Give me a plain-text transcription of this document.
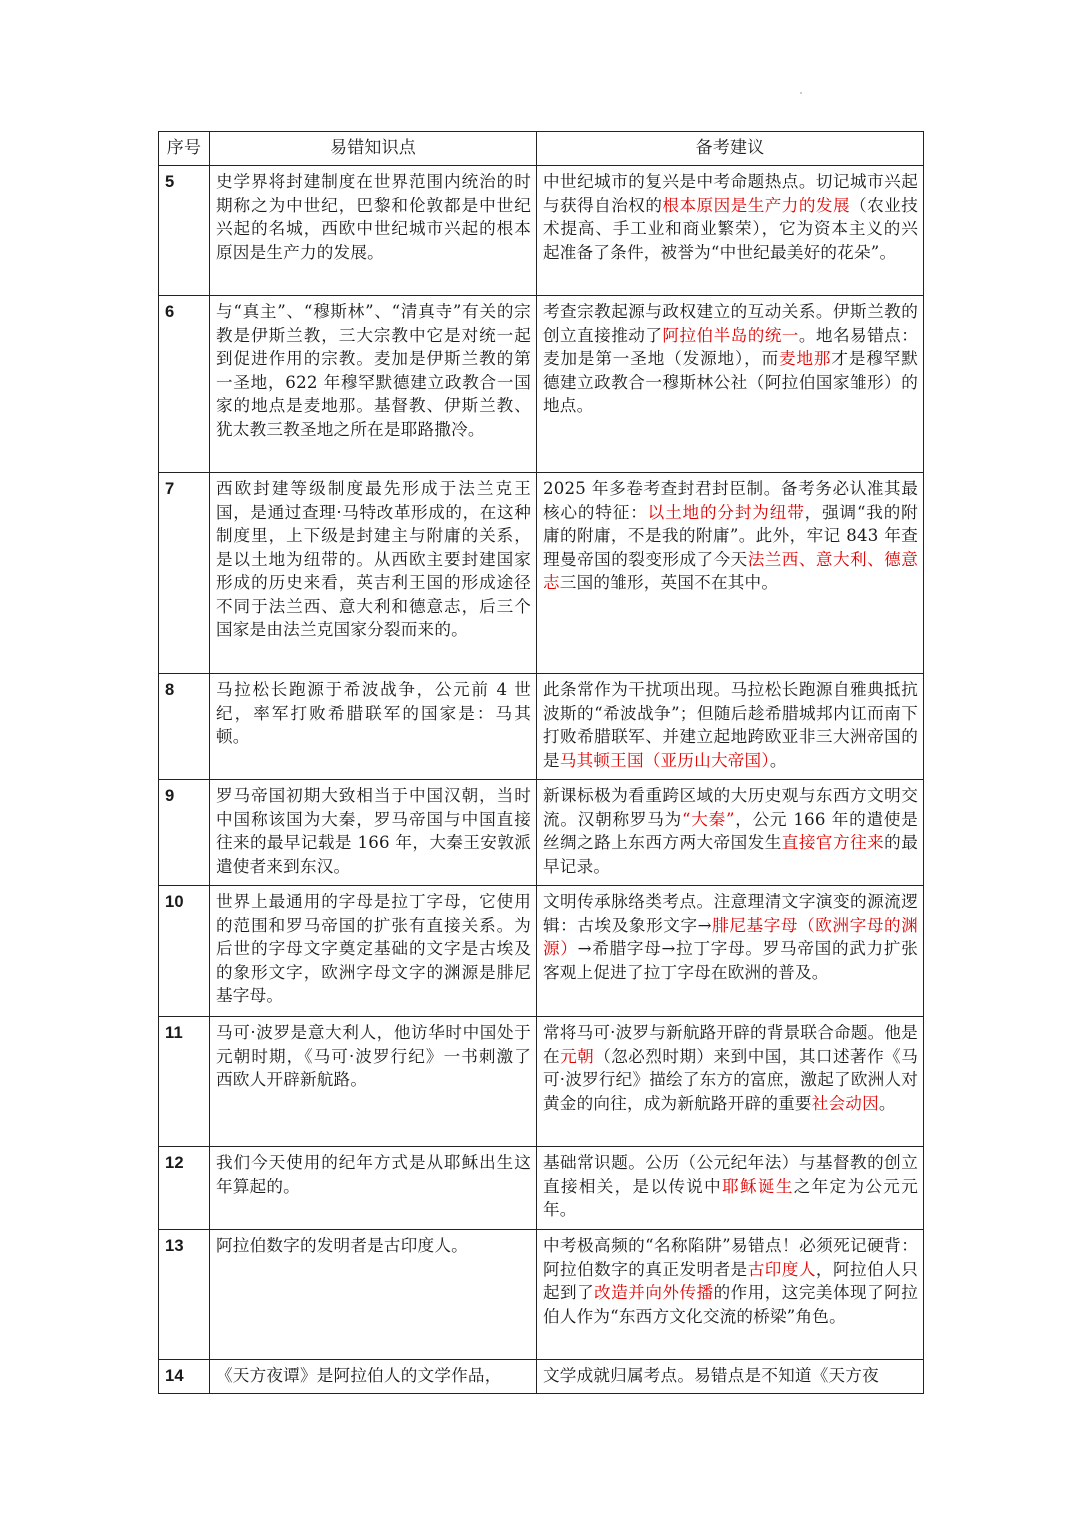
序号	易错知识点	备考建议
5	史学界将封建制度在世界范围内统治的时期称之为中世纪，巴黎和伦敦都是中世纪兴起的名城，西欧中世纪城市兴起的根本原因是生产力的发展。	中世纪城市的复兴是中考命题热点。切记城市兴起与获得自治权的根本原因是生产力的发展（农业技术提高、手工业和商业繁荣），它为资本主义的兴起准备了条件，被誉为“中世纪最美好的花朵”。
6	与“真主”、“穆斯林”、“清真寺”有关的宗教是伊斯兰教，三大宗教中它是对统一起到促进作用的宗教。麦加是伊斯兰教的第一圣地，622 年穆罕默德建立政教合一国家的地点是麦地那。基督教、伊斯兰教、犹太教三教圣地之所在是耶路撒冷。	考查宗教起源与政权建立的互动关系。伊斯兰教的创立直接推动了阿拉伯半岛的统一。地名易错点：麦加是第一圣地（发源地），而麦地那才是穆罕默德建立政教合一穆斯林公社（阿拉伯国家雏形）的地点。
7	西欧封建等级制度最先形成于法兰克王国，是通过查理·马特改革形成的，在这种制度里，上下级是封建主与附庸的关系，是以土地为纽带的。从西欧主要封建国家形成的历史来看，英吉利王国的形成途径不同于法兰西、意大利和德意志，后三个国家是由法兰克国家分裂而来的。	2025 年多卷考查封君封臣制。备考务必认准其最核心的特征：以土地的分封为纽带，强调“我的附庸的附庸，不是我的附庸”。此外，牢记 843 年查理曼帝国的裂变形成了今天法兰西、意大利、德意志三国的雏形，英国不在其中。
8	马拉松长跑源于希波战争，公元前 4 世纪，率军打败希腊联军的国家是：马其顿。	此条常作为干扰项出现。马拉松长跑源自雅典抵抗波斯的“希波战争”；但随后趁希腊城邦内讧而南下打败希腊联军、并建立起地跨欧亚非三大洲帝国的是马其顿王国（亚历山大帝国）。
9	罗马帝国初期大致相当于中国汉朝，当时中国称该国为大秦，罗马帝国与中国直接往来的最早记载是 166 年，大秦王安敦派遣使者来到东汉。	新课标极为看重跨区域的大历史观与东西方文明交流。汉朝称罗马为“大秦”，公元 166 年的遣使是丝绸之路上东西方两大帝国发生直接官方往来的最早记录。
10	世界上最通用的字母是拉丁字母，它使用的范围和罗马帝国的扩张有直接关系。为后世的字母文字奠定基础的文字是古埃及的象形文字，欧洲字母文字的渊源是腓尼基字母。	文明传承脉络类考点。注意理清文字演变的源流逻辑：古埃及象形文字→腓尼基字母（欧洲字母的渊源）→希腊字母→拉丁字母。罗马帝国的武力扩张客观上促进了拉丁字母在欧洲的普及。
11	马可·波罗是意大利人，他访华时中国处于元朝时期，《马可·波罗行纪》一书刺激了西欧人开辟新航路。	常将马可·波罗与新航路开辟的背景联合命题。他是在元朝（忽必烈时期）来到中国，其口述著作《马可·波罗行纪》描绘了东方的富庶，激起了欧洲人对黄金的向往，成为新航路开辟的重要社会动因。
12	我们今天使用的纪年方式是从耶稣出生这年算起的。	基础常识题。公历（公元纪年法）与基督教的创立直接相关，是以传说中耶稣诞生之年定为公元元年。
13	阿拉伯数字的发明者是古印度人。	中考极高频的“名称陷阱”易错点！必须死记硬背：阿拉伯数字的真正发明者是古印度人，阿拉伯人只起到了改造并向外传播的作用，这完美体现了阿拉伯人作为“东西方文化交流的桥梁”角色。
14	《天方夜谭》是阿拉伯人的文学作品，	文学成就归属考点。易错点是不知道《天方夜
